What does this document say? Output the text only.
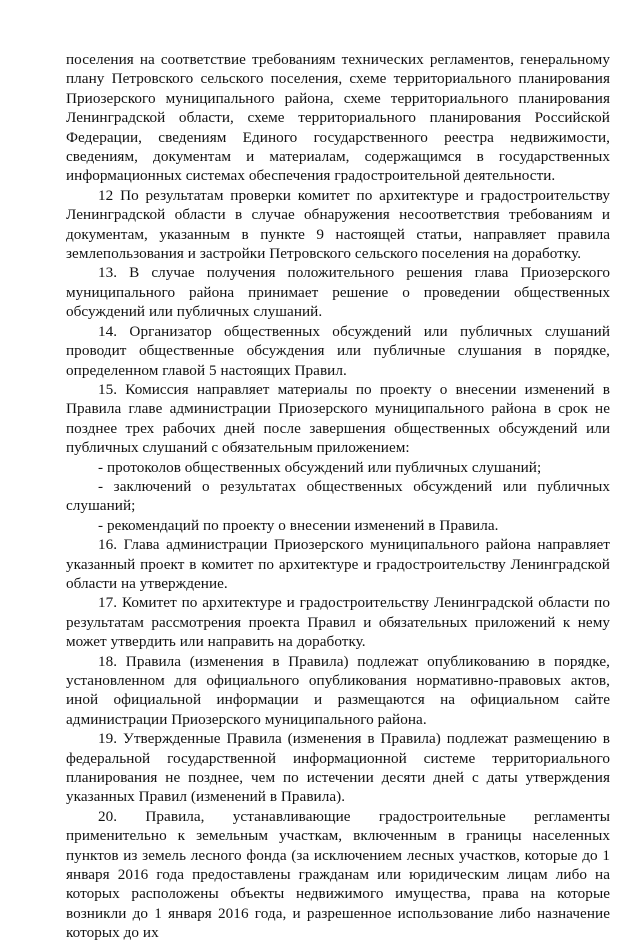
поселения на соответствие требованиям технических регламентов, генеральному плану Петровского сельского поселения, схеме территориального планирования Приозерского муниципального района, схеме территориального планирования Ленинградской области, схеме территориального планирования Российской Федерации, сведениям Единого государственного реестра недвижимости, сведениям, документам и материалам, содержащимся в государственных информационных системах обеспечения градостроительной деятельности.

12 По результатам проверки комитет по архитектуре и градостроительству Ленинградской области в случае обнаружения несоответствия требованиям и документам, указанным в пункте 9 настоящей статьи, направляет правила землепользования и застройки Петровского сельского поселения на доработку.

13. В случае получения положительного решения глава Приозерского муниципального района принимает решение о проведении общественных обсуждений или публичных слушаний.

14. Организатор общественных обсуждений или публичных слушаний проводит общественные обсуждения или публичные слушания в порядке, определенном главой 5 настоящих Правил.

15. Комиссия направляет материалы по проекту о внесении изменений в Правила главе администрации Приозерского муниципального района в срок не позднее трех рабочих дней после завершения общественных обсуждений или публичных слушаний с обязательным приложением:

- протоколов общественных обсуждений или публичных слушаний;

- заключений о результатах общественных обсуждений или публичных слушаний;

- рекомендаций по проекту о внесении изменений в Правила.

16. Глава администрации Приозерского муниципального района направляет указанный проект в комитет по архитектуре и градостроительству Ленинградской области на утверждение.

17. Комитет по архитектуре и градостроительству Ленинградской области по результатам рассмотрения проекта Правил и обязательных приложений к нему может утвердить или направить на доработку.

18. Правила (изменения в Правила) подлежат опубликованию в порядке, установленном для официального опубликования нормативно-правовых актов, иной официальной информации и размещаются на официальном сайте администрации Приозерского муниципального района.

19. Утвержденные Правила (изменения в Правила) подлежат размещению в федеральной государственной информационной системе территориального планирования не позднее, чем по истечении десяти дней с даты утверждения указанных Правил (изменений в Правила).

20. Правила, устанавливающие градостроительные регламенты применительно к земельным участкам, включенным в границы населенных пунктов из земель лесного фонда (за исключением лесных участков, которые до 1 января 2016 года предоставлены гражданам или юридическим лицам либо на которых расположены объекты недвижимого имущества, права на которые возникли до 1 января 2016 года, и разрешенное использование либо назначение которых до их
